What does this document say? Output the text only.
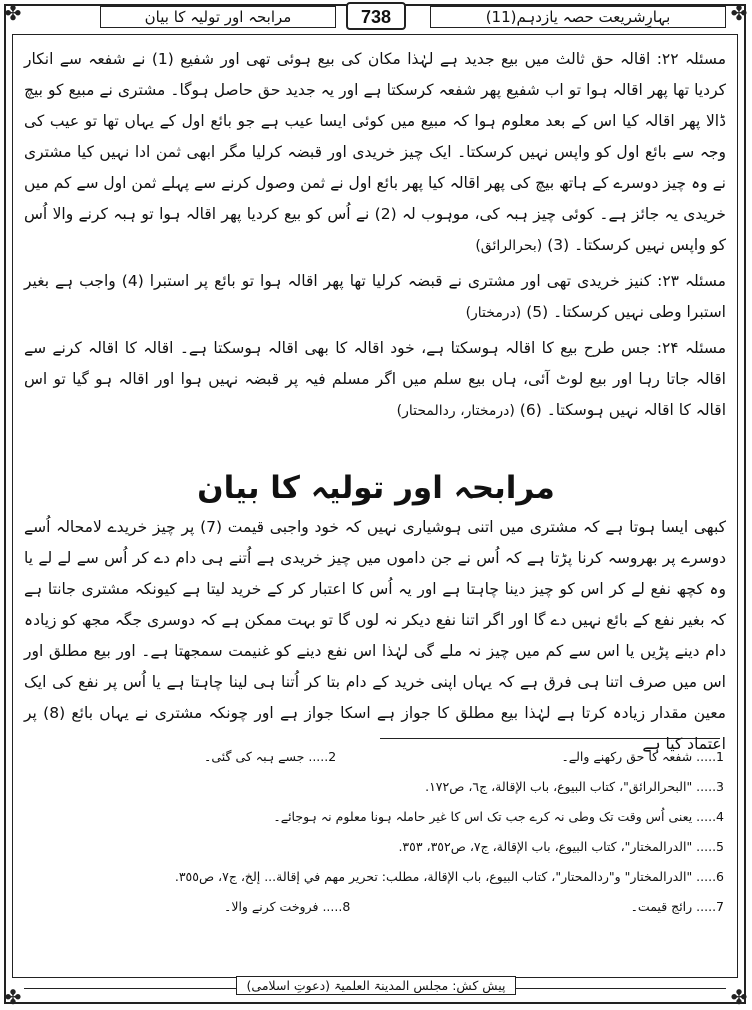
✤	✤
✤	✤
بہارِشریعت حصہ یازدہم(11)
738
مرابحہ اور تولیہ کا بیان

مسئلہ ۲۲: اقالہ حق ثالث میں بیع جدید ہے لہٰذا مکان کی بیع ہوئی تھی اور شفیع (1) نے شفعہ سے انکار کردیا تھا پھر اقالہ ہوا تو اب شفیع پھر شفعہ کرسکتا ہے اور یہ جدید حق حاصل ہوگا۔ مشتری نے مبیع کو بیچ ڈالا پھر اقالہ کیا اس کے بعد معلوم ہوا کہ مبیع میں کوئی ایسا عیب ہے جو بائع اول کے یہاں تھا تو عیب کی وجہ سے بائع اول کو واپس نہیں کرسکتا۔ ایک چیز خریدی اور قبضہ کرلیا مگر ابھی ثمن ادا نہیں کیا مشتری نے وہ چیز دوسرے کے ہاتھ بیچ کی پھر اقالہ کیا پھر بائع اول نے ثمن وصول کرنے سے پہلے ثمن اول سے کم میں خریدی یہ جائز ہے۔ کوئی چیز ہبہ کی، موہوب لہ (2) نے اُس کو بیع کردیا پھر اقالہ ہوا تو ہبہ کرنے والا اُس کو واپس نہیں کرسکتا۔ (3) (بحرالرائق)

مسئلہ ۲۳: کنیز خریدی تھی اور مشتری نے قبضہ کرلیا تھا پھر اقالہ ہوا تو بائع پر استبرا (4) واجب ہے بغیر استبرا وطی نہیں کرسکتا۔ (5) (درمختار)

مسئلہ ۲۴: جس طرح بیع کا اقالہ ہوسکتا ہے، خود اقالہ کا بھی اقالہ ہوسکتا ہے۔ اقالہ کا اقالہ کرنے سے اقالہ جاتا رہا اور بیع لوٹ آئی، ہاں بیع سلم میں اگر مسلم فیہ پر قبضہ نہیں ہوا اور اقالہ ہو گیا تو اس اقالہ کا اقالہ نہیں ہوسکتا۔ (6) (درمختار، ردالمحتار)

مرابحہ اور تولیہ کا بیان

کبھی ایسا ہوتا ہے کہ مشتری میں اتنی ہوشیاری نہیں کہ خود واجبی قیمت (7) پر چیز خریدے لامحالہ اُسے دوسرے پر بھروسہ کرنا پڑتا ہے کہ اُس نے جن داموں میں چیز خریدی ہے اُتنے ہی دام دے کر اُس سے لے لے یا وہ کچھ نفع لے کر اس کو چیز دینا چاہتا ہے اور یہ اُس کا اعتبار کر کے خرید لیتا ہے کیونکہ مشتری جانتا ہے کہ بغیر نفع کے بائع نہیں دے گا اور اگر اتنا نفع دیکر نہ لوں گا تو بہت ممکن ہے کہ دوسری جگہ مجھ کو زیادہ دام دینے پڑیں یا اس سے کم میں چیز نہ ملے گی لہٰذا اس نفع دینے کو غنیمت سمجھتا ہے۔ اور بیع مطلق اور اس میں صرف اتنا ہی فرق ہے کہ یہاں اپنی خرید کے دام بتا کر اُتنا ہی لینا چاہتا ہے یا اُس پر نفع کی ایک معین مقدار زیادہ کرتا ہے لہٰذا بیع مطلق کا جواز ہے اسکا جواز ہے اور چونکہ مشتری نے یہاں بائع (8) پر اعتماد کیا ہے

1..... شفعہ کا حق رکھنے والے۔

2..... جسے ہبہ کی گئی۔

3..... "البحرالرائق"، كتاب البيوع، باب الإقالة، ج٦، ص١٧٢.

4..... یعنی اُس وقت تک وطی نہ کرے جب تک اس کا غیر حاملہ ہونا معلوم نہ ہوجائے۔

5..... "الدرالمختار"، كتاب البيوع، باب الإقالة، ج٧، ص٣٥٢، ٣٥٣.

6..... "الدرالمختار" و"ردالمحتار"، كتاب البيوع، باب الإقالة، مطلب: تحرير مهم في إقالة... إلخ، ج٧، ص٣٥٥.

7..... رائج قیمت۔

8..... فروخت کرنے والا۔

پیش کش: مجلس المدینۃ العلمیۃ (دعوتِ اسلامی)
